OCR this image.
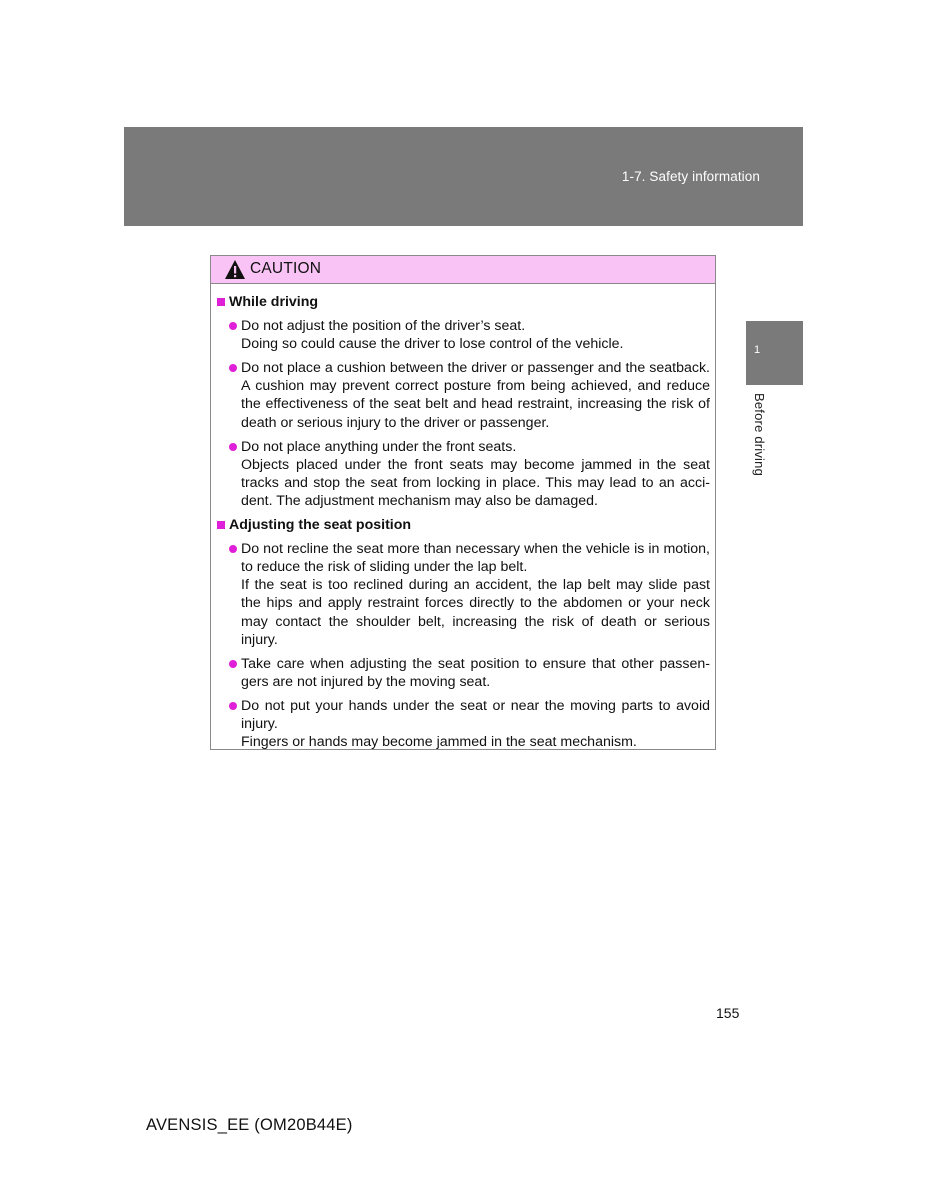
1-7. Safety information
1
Before driving
CAUTION
While driving
Do not adjust the position of the driver’s seat.
Doing so could cause the driver to lose control of the vehicle.
Do not place a cushion between the driver or passenger and the seatback. A cushion may prevent correct posture from being achieved, and reduce the effectiveness of the seat belt and head restraint, increasing the risk of death or serious injury to the driver or passenger.
Do not place anything under the front seats.
Objects placed under the front seats may become jammed in the seat tracks and stop the seat from locking in place. This may lead to an acci-dent. The adjustment mechanism may also be damaged.
Adjusting the seat position
Do not recline the seat more than necessary when the vehicle is in motion, to reduce the risk of sliding under the lap belt.
If the seat is too reclined during an accident, the lap belt may slide past the hips and apply restraint forces directly to the abdomen or your neck may contact the shoulder belt, increasing the risk of death or serious injury.
Take care when adjusting the seat position to ensure that other passen-gers are not injured by the moving seat.
Do not put your hands under the seat or near the moving parts to avoid injury.
Fingers or hands may become jammed in the seat mechanism.
155
AVENSIS_EE (OM20B44E)
